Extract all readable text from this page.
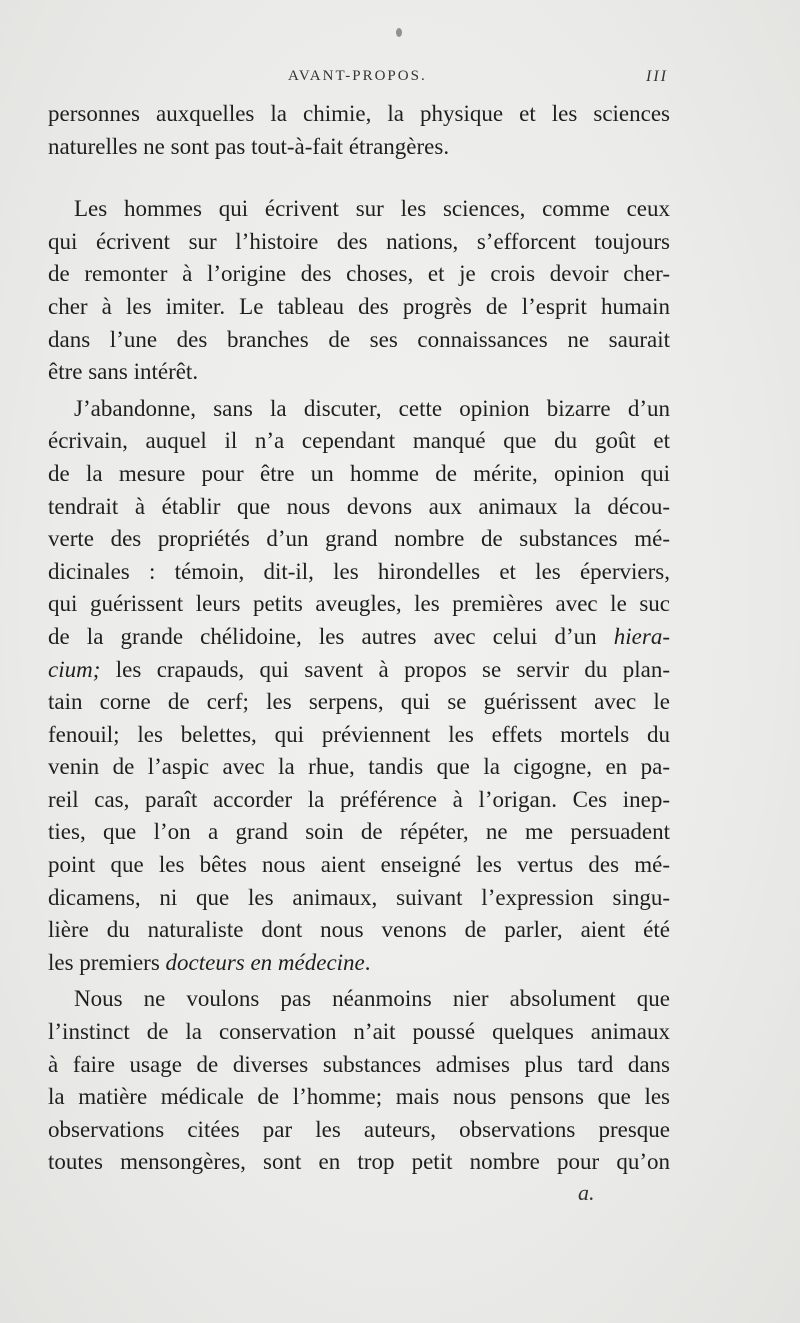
AVANT-PROPOS.	III

personnes auxquelles la chimie, la physique et les sciences
naturelles ne sont pas tout-à-fait étrangères.

Les hommes qui écrivent sur les sciences, comme ceux
qui écrivent sur l’histoire des nations, s’efforcent toujours
de remonter à l’origine des choses, et je crois devoir cher-
cher à les imiter. Le tableau des progrès de l’esprit humain
dans l’une des branches de ses connaissances ne saurait
être sans intérêt.

J’abandonne, sans la discuter, cette opinion bizarre d’un
écrivain, auquel il n’a cependant manqué que du goût et
de la mesure pour être un homme de mérite, opinion qui
tendrait à établir que nous devons aux animaux la décou-
verte des propriétés d’un grand nombre de substances mé-
dicinales : témoin, dit-il, les hirondelles et les éperviers,
qui guérissent leurs petits aveugles, les premières avec le suc
de la grande chélidoine, les autres avec celui d’un hiera-
cium; les crapauds, qui savent à propos se servir du plan-
tain corne de cerf; les serpens, qui se guérissent avec le
fenouil; les belettes, qui préviennent les effets mortels du
venin de l’aspic avec la rhue, tandis que la cigogne, en pa-
reil cas, paraît accorder la préférence à l’origan. Ces inep-
ties, que l’on a grand soin de répéter, ne me persuadent
point que les bêtes nous aient enseigné les vertus des mé-
dicamens, ni que les animaux, suivant l’expression singu-
lière du naturaliste dont nous venons de parler, aient été
les premiers docteurs en médecine.

Nous ne voulons pas néanmoins nier absolument que
l’instinct de la conservation n’ait poussé quelques animaux
à faire usage de diverses substances admises plus tard dans
la matière médicale de l’homme; mais nous pensons que les
observations citées par les auteurs, observations presque
toutes mensongères, sont en trop petit nombre pour qu’on

a.
